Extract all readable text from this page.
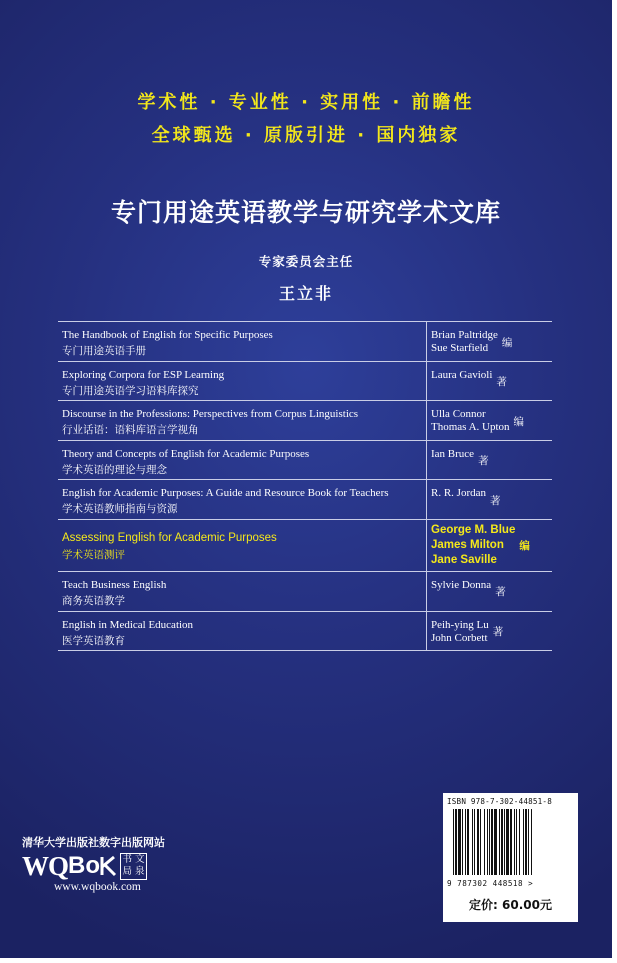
学术性 · 专业性 · 实用性 · 前瞻性
全球甄选 · 原版引进 · 国内独家
专门用途英语教学与研究学术文库
专家委员会主任
王立非
The Handbook of English for Specific Purposes
专门用途英语手册
Brian Paltridge
Sue Starfield	编
Exploring Corpora for ESP Learning
专门用途英语学习语料库探究
Laura Gavioli
著
Discourse in the Professions: Perspectives from Corpus Linguistics
行业话语：语料库语言学视角
Ulla Connor
Thomas A. Upton 编
Theory and Concepts of English for Academic Purposes
学术英语的理论与理念
Ian Bruce
著
English for Academic Purposes: A Guide and Resource Book for Teachers
学术英语教师指南与资源
R. R. Jordan
著
Assessing English for Academic Purposes
学术英语测评
George M. Blue
James Milton
Jane Saville
编
Teach Business English
商务英语教学
Sylvie Donna
著
English in Medical Education
医学英语教育
Peih-ying Lu
John Corbett 著
清华大学出版社数字出版网站
WQ Bo 书 文
局 泉
www.wqbook.com
ISBN 978-7-302-44851-8
9 787302 448518 >
定价: 60.00元
